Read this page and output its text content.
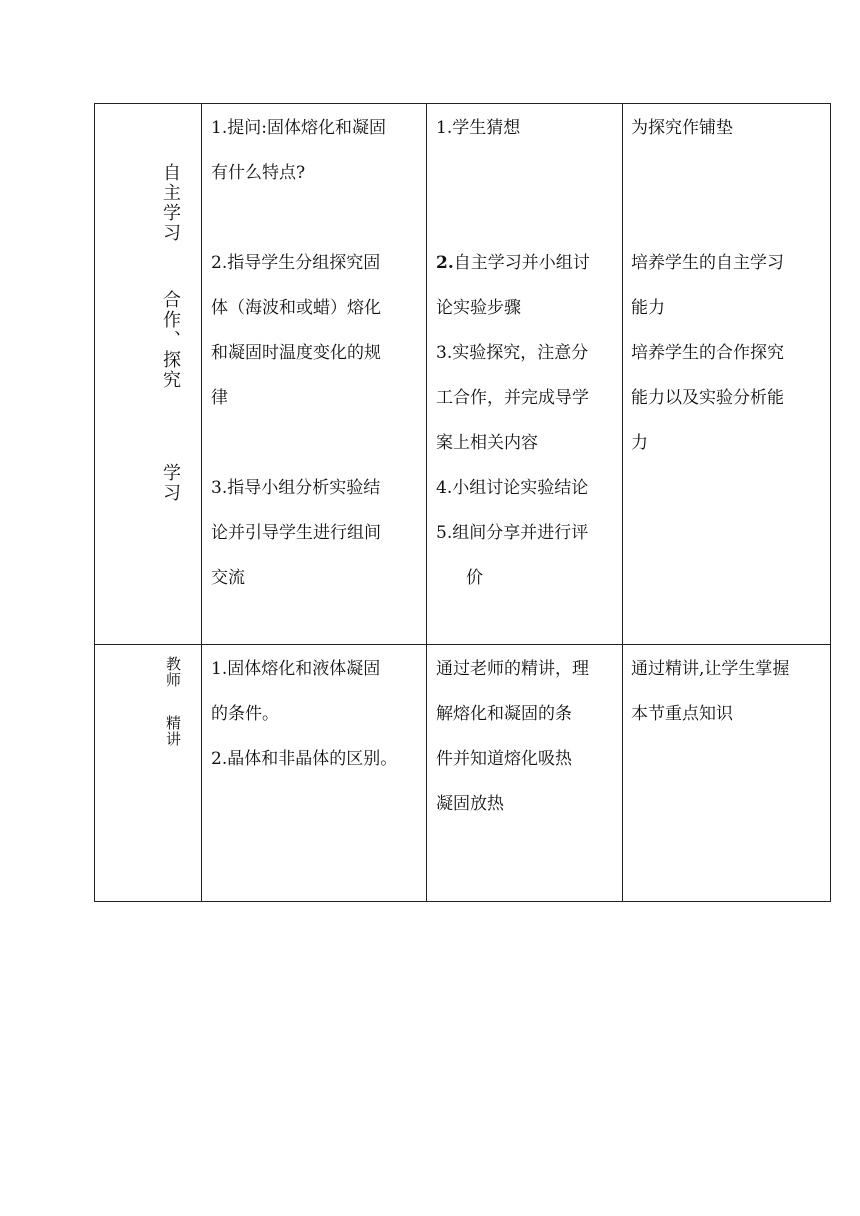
自主学习
合作、探究
学习

1.提问:固体熔化和凝固

有什么特点?

2.指导学生分组探究固

体（海波和或蜡）熔化

和凝固时温度变化的规

律

3.指导小组分析实验结

论并引导学生进行组间

交流

1.学生猜想

2.自主学习并小组讨

论实验步骤

3.实验探究，注意分

工合作，并完成导学

案上相关内容

4.小组讨论实验结论

5.组间分享并进行评

价

为探究作铺垫

培养学生的自主学习

能力

培养学生的合作探究

能力以及实验分析能

力

教师
精讲

1.固体熔化和液体凝固

的条件。

2.晶体和非晶体的区别。

通过老师的精讲，理

解熔化和凝固的条

件并知道熔化吸热

凝固放热

通过精讲,让学生掌握

本节重点知识
